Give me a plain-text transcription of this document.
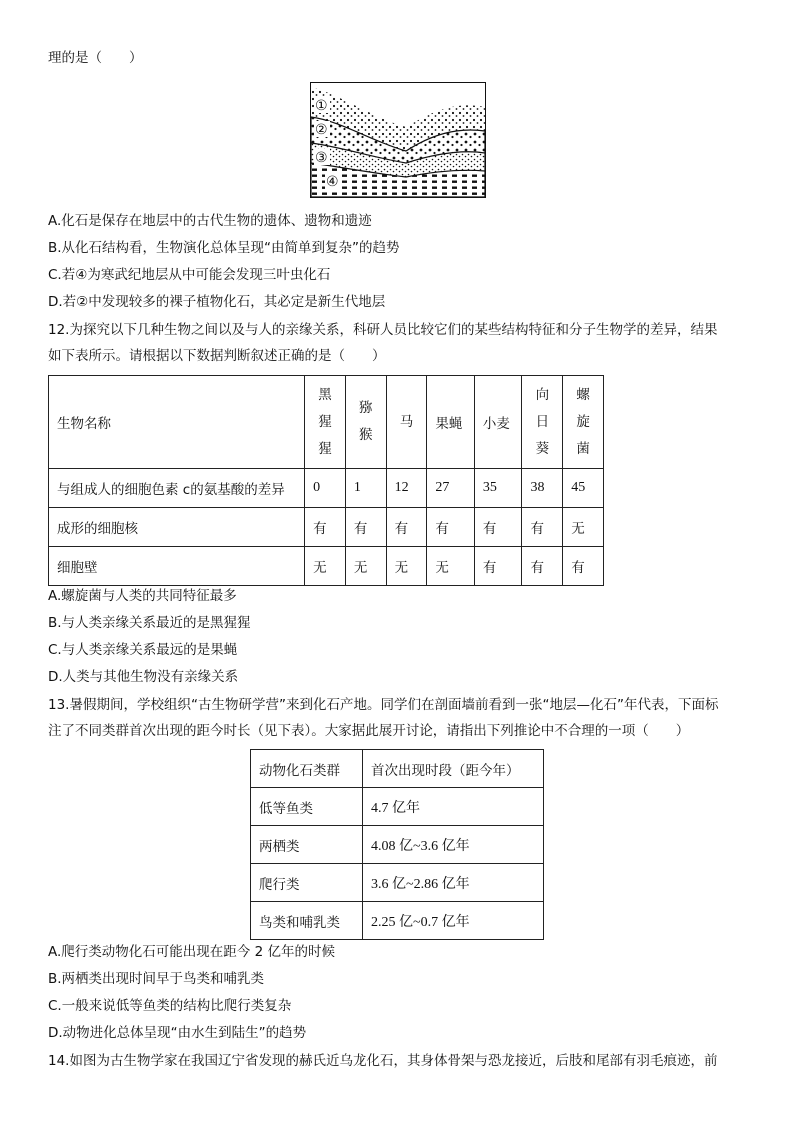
理的是（　　）
①
②
③
④
A.化石是保存在地层中的古代生物的遗体、遗物和遗迹
B.从化石结构看，生物演化总体呈现“由简单到复杂”的趋势
C.若④为寒武纪地层从中可能会发现三叶虫化石
D.若②中发现较多的裸子植物化石，其必定是新生代地层
12.为探究以下几种生物之间以及与人的亲缘关系，科研人员比较它们的某些结构特征和分子生物学的差异，结果
如下表所示。请根据以下数据判断叙述正确的是（　　）
生物名称	黑猩猩	猕猴	马	果蝇	小麦	向日葵	螺旋菌

与组成人的细胞色素 c的氨基酸的差异	0	1	12	27	35	38	45
成形的细胞核	有	有	有	有	有	有	无
细胞壁	无	无	无	无	有	有	有
A.螺旋菌与人类的共同特征最多
B.与人类亲缘关系最近的是黑猩猩
C.与人类亲缘关系最远的是果蝇
D.人类与其他生物没有亲缘关系
13.暑假期间，学校组织“古生物研学营”来到化石产地。同学们在剖面墙前看到一张“地层—化石”年代表，下面标
注了不同类群首次出现的距今时长（见下表）。大家据此展开讨论，请指出下列推论中不合理的一项（　　）
动物化石类群	首次出现时段（距今年）
低等鱼类	4.7 亿年
两栖类	4.08 亿~3.6 亿年
爬行类	3.6 亿~2.86 亿年
鸟类和哺乳类	2.25 亿~0.7 亿年
A.爬行类动物化石可能出现在距今 2 亿年的时候
B.两栖类出现时间早于鸟类和哺乳类
C.一般来说低等鱼类的结构比爬行类复杂
D.动物进化总体呈现“由水生到陆生”的趋势
14.如图为古生物学家在我国辽宁省发现的赫氏近乌龙化石，其身体骨架与恐龙接近，后肢和尾部有羽毛痕迹，前
